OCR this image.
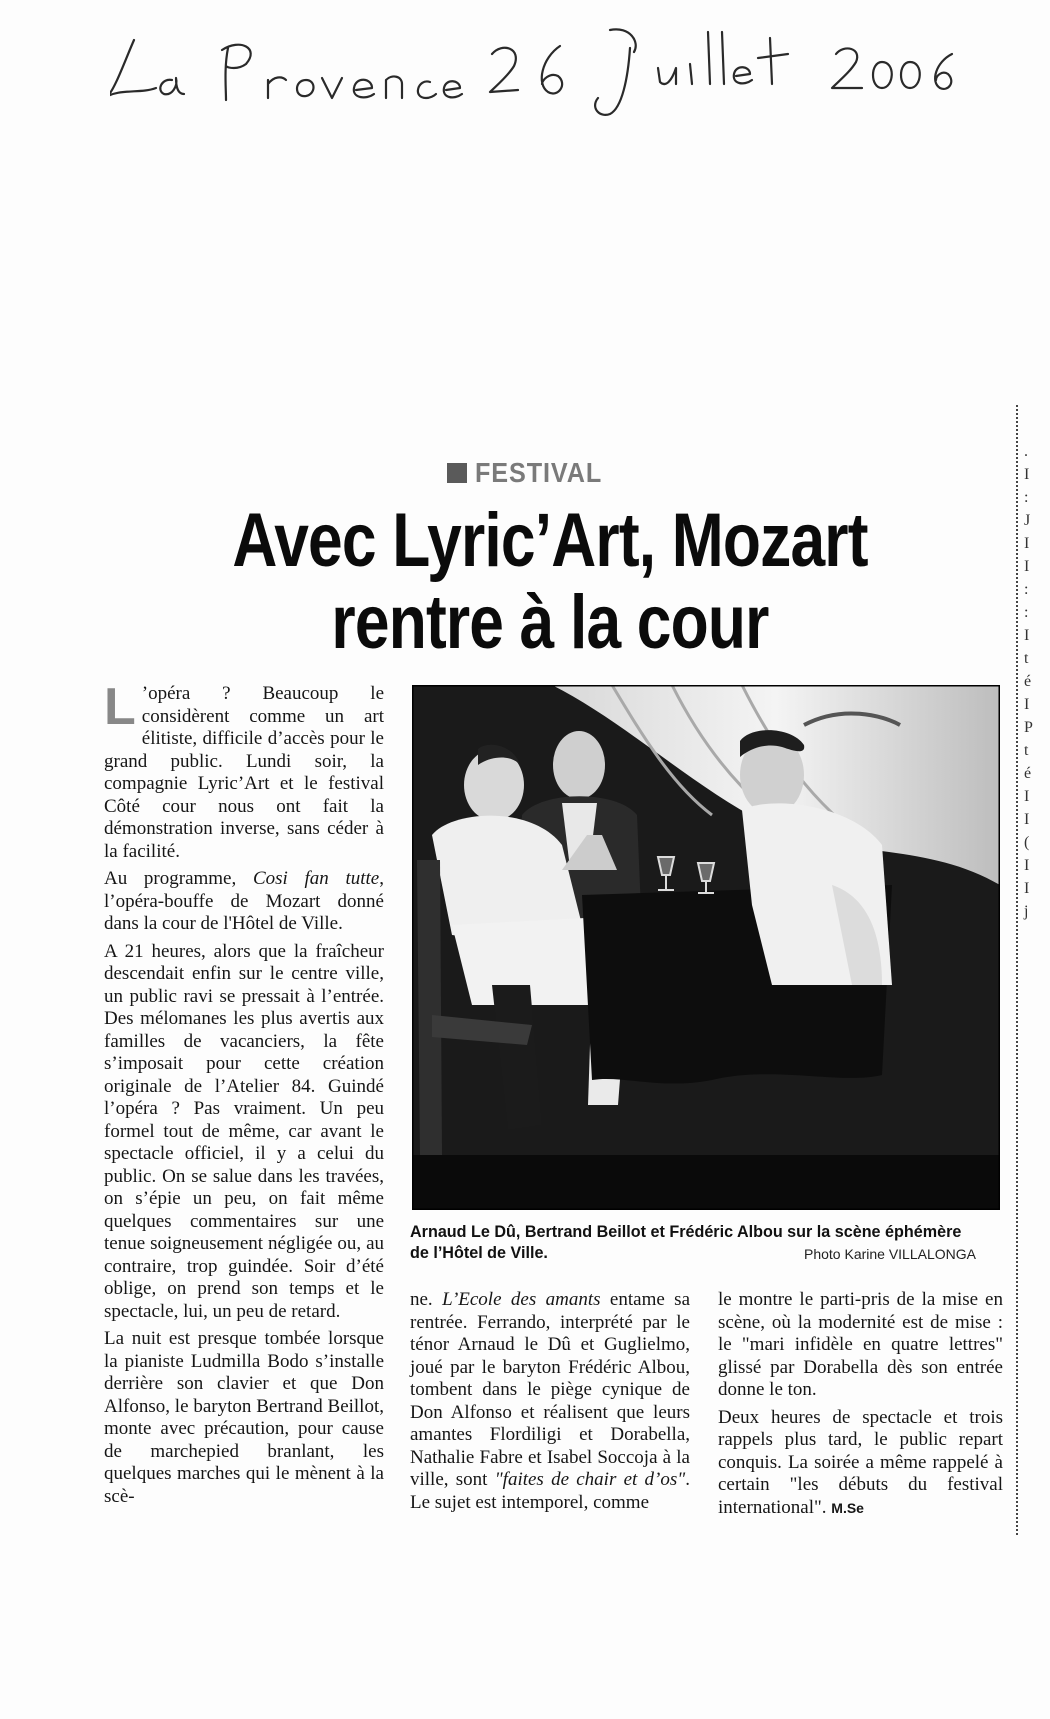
.
I
:
J
I
I
:
:
I
t
é
I
P
t
é
I
I
(
I
I
j
FESTIVAL
Avec Lyric’Art, Mozart
rentre à la cour

L ’opéra ? Beaucoup le considèrent comme un art élitiste, difficile d’accès pour le grand public. Lundi soir, la compagnie Lyric’Art et le festival Côté cour nous ont fait la démonstration inverse, sans céder à la facilité.

Au programme, Cosi fan tutte, l’opéra-bouffe de Mozart donné dans la cour de l'Hôtel de Ville.

A 21 heures, alors que la fraîcheur descendait enfin sur le centre ville, un public ravi se pressait à l’entrée. Des mélomanes les plus avertis aux familles de vacanciers, la fête s’imposait pour cette création originale de l’Atelier 84. Guindé l’opéra ? Pas vraiment. Un peu formel tout de même, car avant le spectacle officiel, il y a celui du public. On se salue dans les travées, on s’épie un peu, on fait même quelques commentaires sur une tenue soigneusement négligée ou, au contraire, trop guindée. Soir d’été oblige, on prend son temps et le spectacle, lui, un peu de retard.

La nuit est presque tombée lorsque la pianiste Ludmilla Bodo s’installe derrière son clavier et que Don Alfonso, le baryton Bertrand Beillot, monte avec précaution, pour cause de marchepied branlant, les quelques marches qui le mènent à la scè-

Arnaud Le Dû, Bertrand Beillot et Frédéric Albou sur la scène éphémère de l’Hôtel de Ville.	Photo Karine VILLALONGA

ne. L’Ecole des amants entame sa rentrée. Ferrando, interprété par le ténor Arnaud le Dû et Guglielmo, joué par le baryton Frédéric Albou, tombent dans le piège cynique de Don Alfonso et réalisent que leurs amantes Flordiligi et Dorabella, Nathalie Fabre et Isabel Soccoja à la ville, sont "faites de chair et d’os". Le sujet est intemporel, comme

le montre le parti-pris de la mise en scène, où la modernité est de mise : le "mari infidèle en quatre lettres" glissé par Dorabella dès son entrée donne le ton.

Deux heures de spectacle et trois rappels plus tard, le public repart conquis. La soirée a même rappelé à certain "les débuts du festival international". M.Se
